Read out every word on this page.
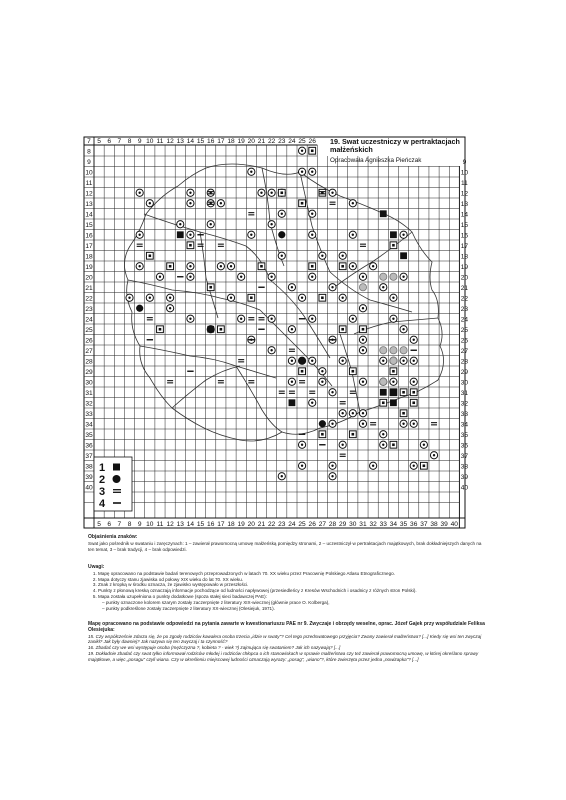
5 6 7 8 9 10 11 12 13 14 15 16 17 18 19 20 21 22 23 24 25 26
5 6 7 8 9 10 11 12 13 14 15 16 17 18 19 20 21 22 23 24 25 26 27 28 29 30 31 32 33 34 35 36 37 38 39 40
7
8
9
10
11
12
13
14
15
16
17
18
19
20
21
22
23
24
25
26
27
28
29
30
31
32
33
34
35
36
37
38
39
40
9
10
11
12
13
14
15
16
17
18
19
20
21
22
23
24
25
26
27
28
29
30
31
32
33
34
35
36
37
38
39
40
1
2
3
4
19. Swat uczestniczy w pertraktacjach małżeńskich
Opracowała Agnieszka Pieńczak

Objaśnienia znaków:

Swat jako pośrednik w swataniu i zaręczynach: 1 – zawierał prawomocną umowę małżeńską pomiędzy stronami, 2 – uczestniczył w pertraktacjach majątkowych, brak dokładniejszych danych na ten temat, 3 – brak tradycji, 4 – brak odpowiedzi.

Uwagi:

1. Mapę opracowano na podstawie badań terenowych przeprowadzonych w latach 70. XX wieku przez Pracownię Polskiego Atlasu Etnograficznego.
2. Mapa dotyczy stanu zjawiska od połowy XIX wieku do lat 70. XX wieku.
3. Znak z kropką w środku oznacza, że zjawisko występowało w przeszłości.
4. Punkty z płonową kreską oznaczają informacje pochodzące od ludności napływowej (przesiedleńcy z Kresów Wschodnich i osadnicy z różnych stron Polski).
5. Mapa została uzupełniona o punkty dodatkowe (spoza stałej sieci badawczej PAE):

– punkty oznaczone kolorem szarym zostały zaczerpnięte z literatury XIX-wiecznej (głównie prace O. Kolberga),

– punkty podkreślone zostały zaczerpnięte z literatury XX-wiecznej (Olesiejuk, 1971).

Mapę opracowano na podstawie odpowiedzi na pytania zawarte w kwestionariuszu PAE nr 9. Zwyczaje i obrzędy weselne, oprac. Józef Gajek przy współudziale Feliksa Olesiejuka:

15. Czy współcześnie zdarza się, że po zgodę rodziców kawalera osoba trzecia „idzie w swaty"? Cel tego przedswatowego przyjęcia? Zwany zawierał małżeństwa? [...] Kiedy się wsi ten zwyczaj zanikł? Jak były dawniej? Jak nazywa się ten zwyczaj i ta czynność?

16. Zbadać czy we wsi występuje osoba (mężczyzna ?, kobieta ? - wiek ?) zajmująca się swataniem? Jak ich nazywają? [...]

19. Dokładnie zbadać czy swat tylko informował rodziców młodej i rodziców chłopca o ich stanowiskach w sprawie małżeństwa czy też zawierał prawomocną umowę, w której określano sprawy majątkowe, a więc „posagu" czyli wiana. Czy w określeniu miejscowej ludności oznaczają wyrazy: „posag", „wiano"?, które zwierzęta przez jedna „nowizapka"? [...]
